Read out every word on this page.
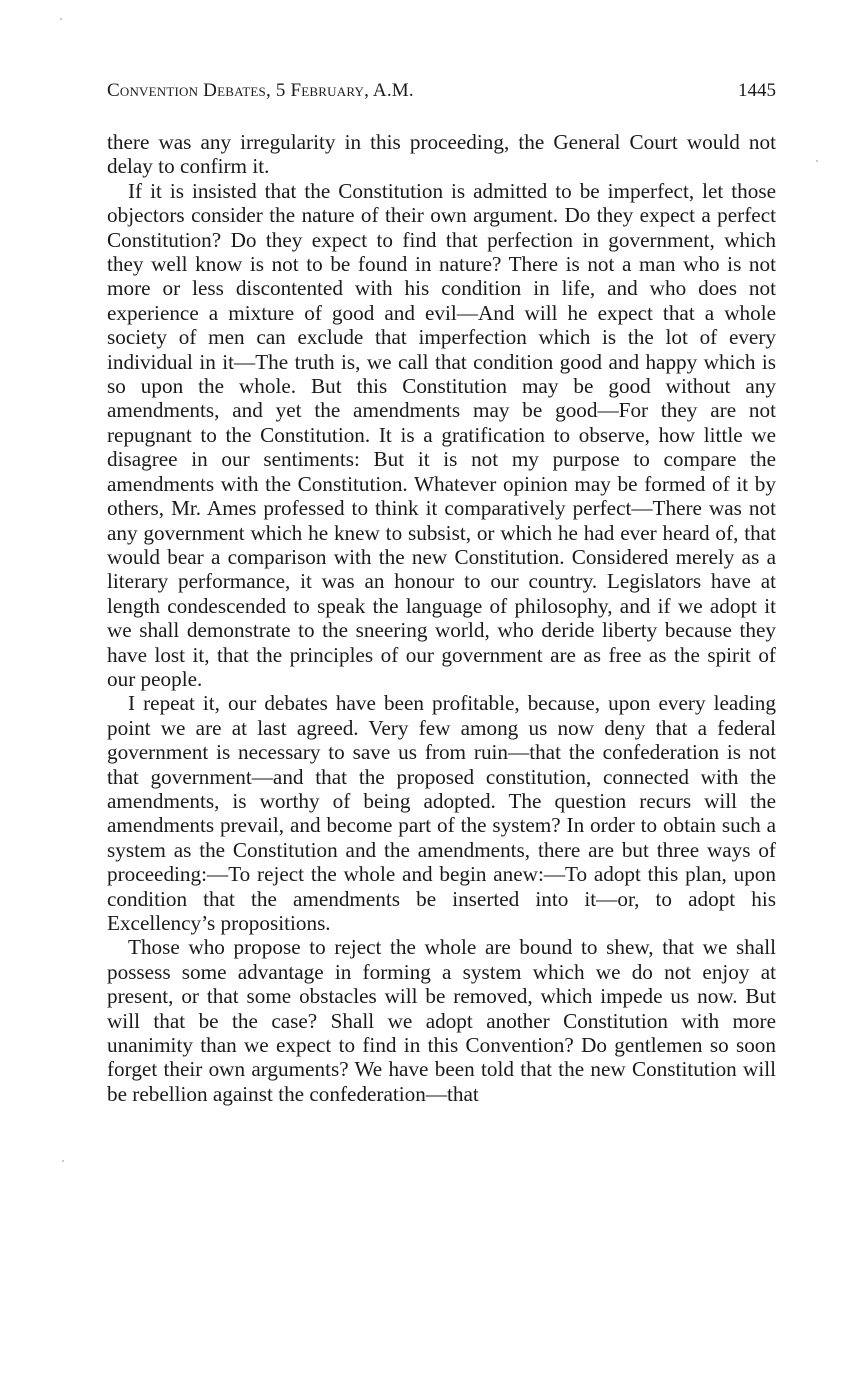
Convention Debates, 5 February, A.M.	1445

there was any irregularity in this proceeding, the General Court would not delay to confirm it.

If it is insisted that the Constitution is admitted to be imperfect, let those objectors consider the nature of their own argument. Do they expect a perfect Constitution? Do they expect to find that perfection in government, which they well know is not to be found in nature? There is not a man who is not more or less discontented with his condition in life, and who does not experience a mixture of good and evil—And will he expect that a whole society of men can exclude that imperfection which is the lot of every individual in it—The truth is, we call that condition good and happy which is so upon the whole. But this Constitution may be good without any amendments, and yet the amendments may be good—For they are not repugnant to the Constitution. It is a gratification to observe, how little we disagree in our sentiments: But it is not my purpose to compare the amendments with the Constitution. Whatever opinion may be formed of it by others, Mr. Ames professed to think it comparatively perfect—There was not any government which he knew to subsist, or which he had ever heard of, that would bear a comparison with the new Constitution. Considered merely as a literary performance, it was an honour to our country. Legislators have at length condescended to speak the language of philosophy, and if we adopt it we shall demonstrate to the sneering world, who deride liberty because they have lost it, that the principles of our government are as free as the spirit of our people.

I repeat it, our debates have been profitable, because, upon every leading point we are at last agreed. Very few among us now deny that a federal government is necessary to save us from ruin—that the confederation is not that government—and that the proposed constitution, connected with the amendments, is worthy of being adopted. The question recurs will the amendments prevail, and become part of the system? In order to obtain such a system as the Constitution and the amendments, there are but three ways of proceeding:—To reject the whole and begin anew:—To adopt this plan, upon condition that the amendments be inserted into it—or, to adopt his Excellency’s propositions.

Those who propose to reject the whole are bound to shew, that we shall possess some advantage in forming a system which we do not enjoy at present, or that some obstacles will be removed, which impede us now. But will that be the case? Shall we adopt another Constitution with more unanimity than we expect to find in this Convention? Do gentlemen so soon forget their own arguments? We have been told that the new Constitution will be rebellion against the confederation—that
